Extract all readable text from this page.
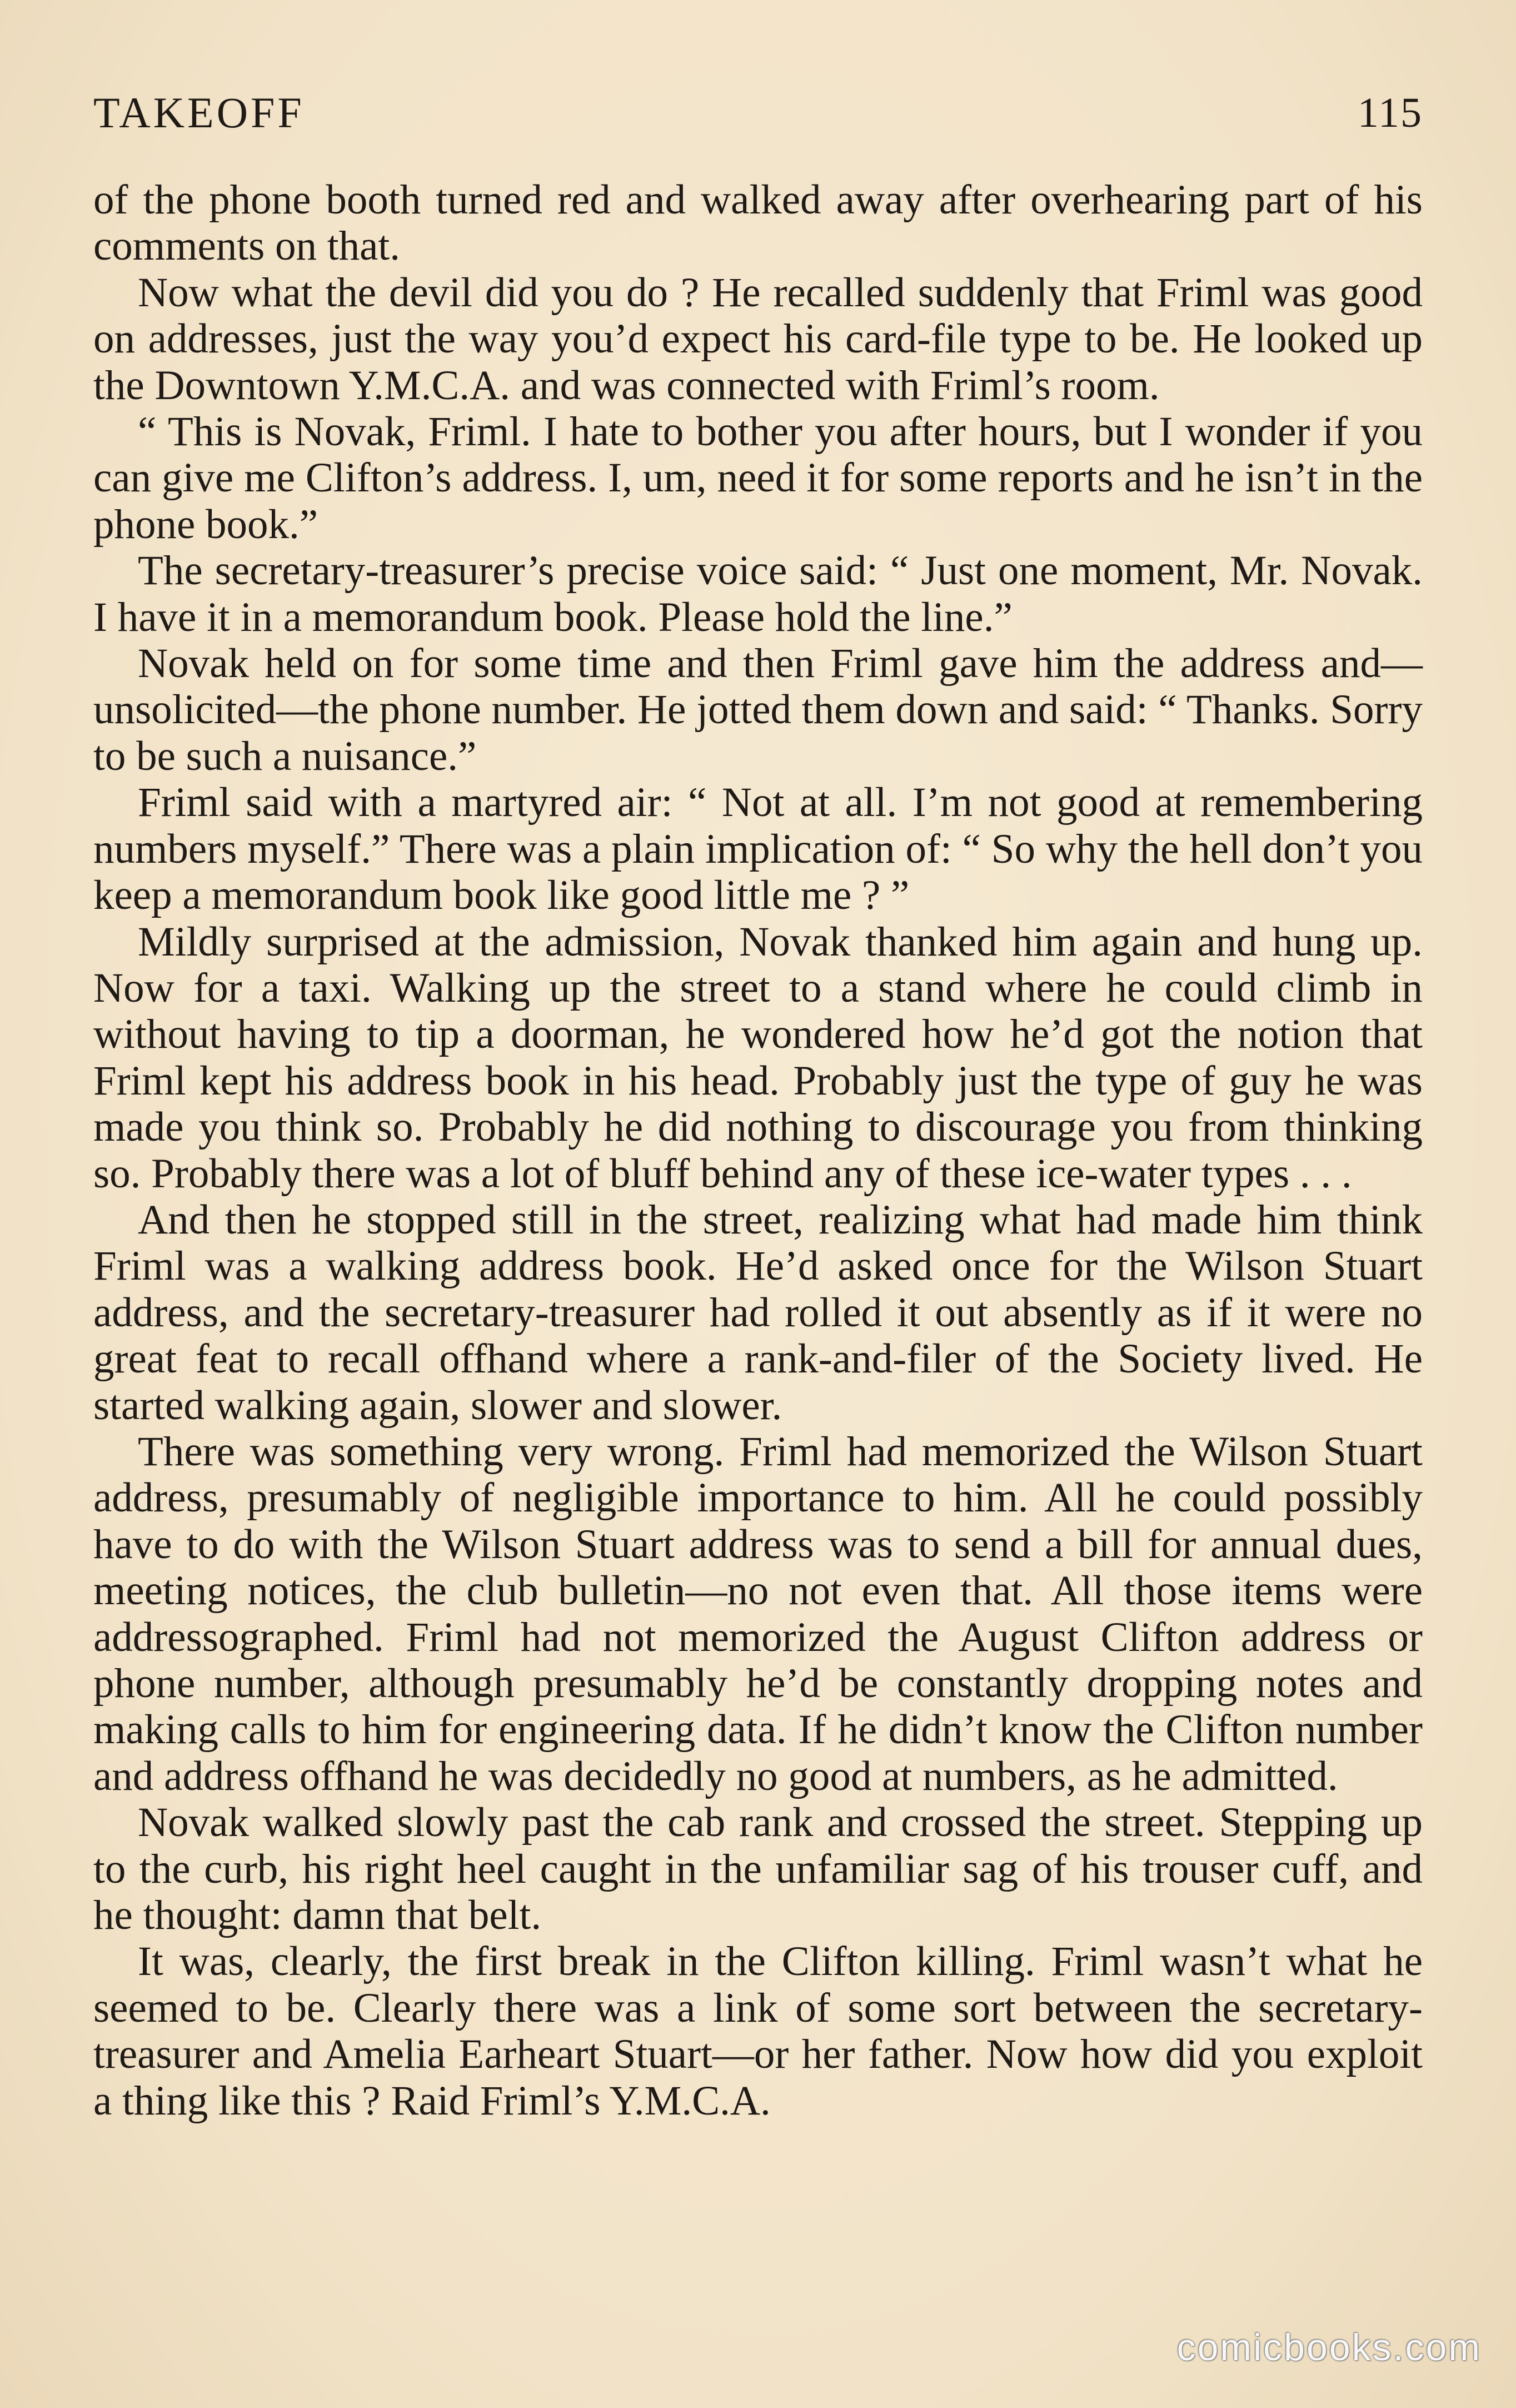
TAKEOFF	115

of the phone booth turned red and walked away after overhearing part of his comments on that.

Now what the devil did you do ? He recalled suddenly that Friml was good on addresses, just the way you’d expect his card-file type to be. He looked up the Downtown Y.M.C.A. and was connected with Friml’s room.

“ This is Novak, Friml. I hate to bother you after hours, but I wonder if you can give me Clifton’s address. I, um, need it for some reports and he isn’t in the phone book.”

The secretary-treasurer’s precise voice said: “ Just one moment, Mr. Novak. I have it in a memorandum book. Please hold the line.”

Novak held on for some time and then Friml gave him the address and—unsolicited—the phone number. He jotted them down and said: “ Thanks. Sorry to be such a nuisance.”

Friml said with a martyred air: “ Not at all. I’m not good at remembering numbers myself.” There was a plain implication of: “ So why the hell don’t you keep a memorandum book like good little me ? ”

Mildly surprised at the admission, Novak thanked him again and hung up. Now for a taxi. Walking up the street to a stand where he could climb in without having to tip a doorman, he wondered how he’d got the notion that Friml kept his address book in his head. Probably just the type of guy he was made you think so. Probably he did nothing to discourage you from thinking so. Probably there was a lot of bluff behind any of these ice-water types . . .

And then he stopped still in the street, realizing what had made him think Friml was a walking address book. He’d asked once for the Wilson Stuart address, and the secretary-treasurer had rolled it out absently as if it were no great feat to recall offhand where a rank-and-filer of the Society lived. He started walking again, slower and slower.

There was something very wrong. Friml had memorized the Wilson Stuart address, presumably of negligible importance to him. All he could possibly have to do with the Wilson Stuart address was to send a bill for annual dues, meeting notices, the club bulletin—no not even that. All those items were addressographed. Friml had not memorized the August Clifton address or phone number, although presumably he’d be constantly dropping notes and making calls to him for engineering data. If he didn’t know the Clifton number and address offhand he was decidedly no good at numbers, as he admitted.

Novak walked slowly past the cab rank and crossed the street. Stepping up to the curb, his right heel caught in the unfamiliar sag of his trouser cuff, and he thought: damn that belt.

It was, clearly, the first break in the Clifton killing. Friml wasn’t what he seemed to be. Clearly there was a link of some sort between the secretary-treasurer and Amelia Earheart Stuart—or her father. Now how did you exploit a thing like this ? Raid Friml’s Y.M.C.A.

comicbooks.com
